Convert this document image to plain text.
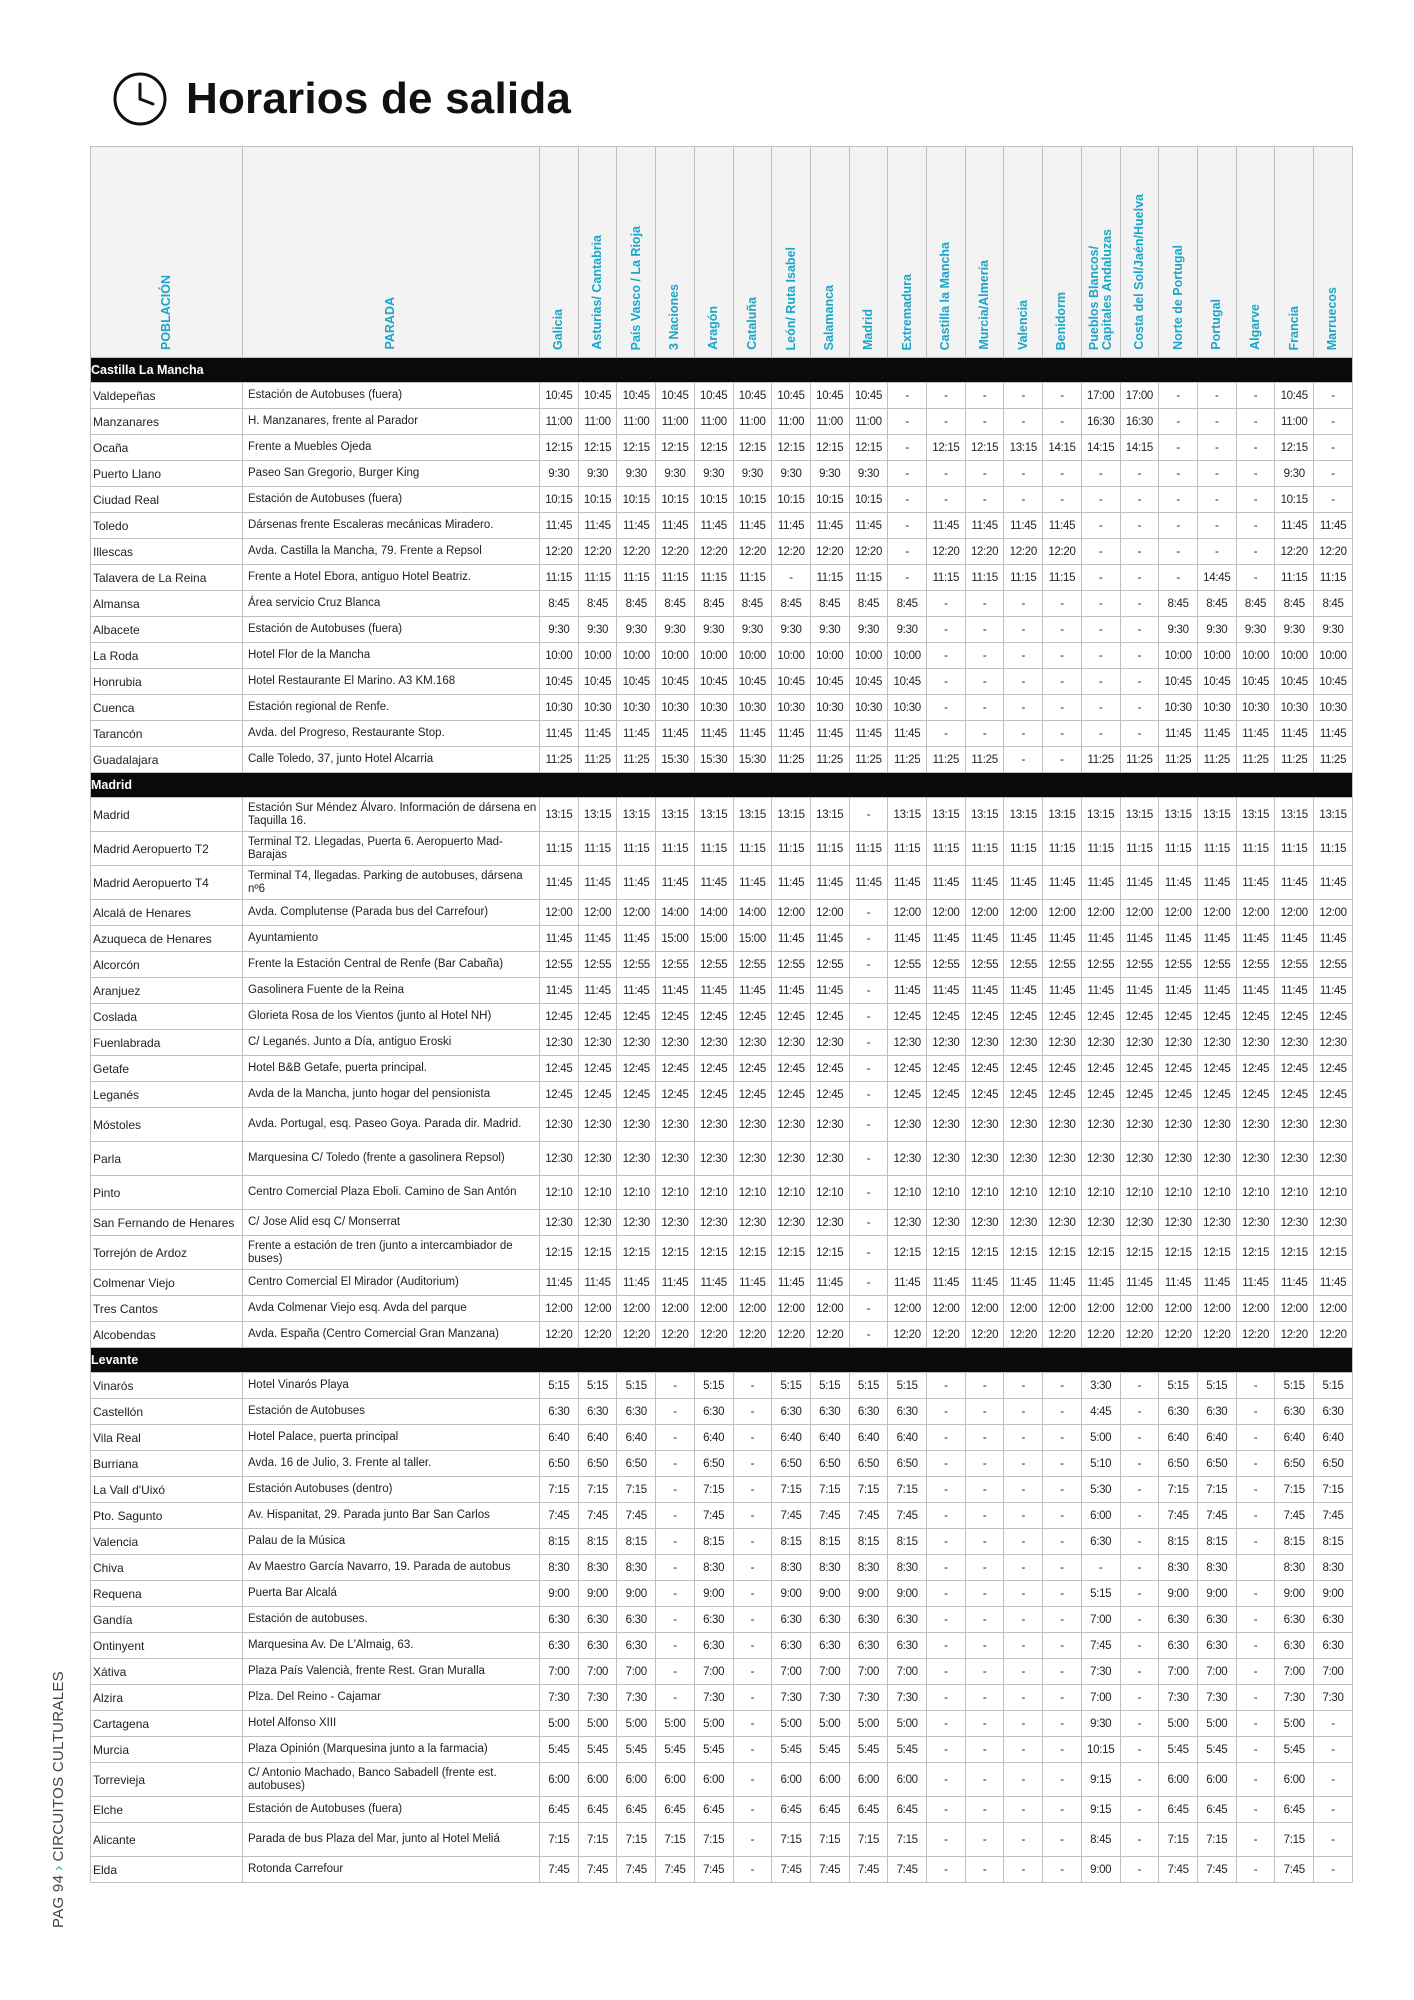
Horarios de salida
PAG 94›CIRCUITOS CULTURALES
POBLACIÓN	PARADA	Galicia	Asturias/ Cantabria	País Vasco / La Rioja	3 Naciones	Aragón	Cataluña	León/ Ruta Isabel	Salamanca	Madrid	Extremadura	Castilla la Mancha	Murcia/Almería	Valencia	Benidorm	Pueblos Blancos/
Capitales Andaluzas	Costa del Sol/Jaén/Huelva	Norte de Portugal	Portugal	Algarve	Francia	Marruecos
Castilla La Mancha																						
Valdepeñas	Estación de Autobuses (fuera)	10:45	10:45	10:45	10:45	10:45	10:45	10:45	10:45	10:45	-	-	-	-	-	17:00	17:00	-	-	-	10:45	-
Manzanares	H. Manzanares, frente al Parador	11:00	11:00	11:00	11:00	11:00	11:00	11:00	11:00	11:00	-	-	-	-	-	16:30	16:30	-	-	-	11:00	-
Ocaña	Frente a Muebles Ojeda	12:15	12:15	12:15	12:15	12:15	12:15	12:15	12:15	12:15	-	12:15	12:15	13:15	14:15	14:15	14:15	-	-	-	12:15	-
Puerto Llano	Paseo San Gregorio, Burger King	9:30	9:30	9:30	9:30	9:30	9:30	9:30	9:30	9:30	-	-	-	-	-	-	-	-	-	-	9:30	-
Ciudad Real	Estación de Autobuses (fuera)	10:15	10:15	10:15	10:15	10:15	10:15	10:15	10:15	10:15	-	-	-	-	-	-	-	-	-	-	10:15	-
Toledo	Dársenas frente Escaleras mecánicas Miradero.	11:45	11:45	11:45	11:45	11:45	11:45	11:45	11:45	11:45	-	11:45	11:45	11:45	11:45	-	-	-	-	-	11:45	11:45
Illescas	Avda. Castilla la Mancha, 79. Frente a Repsol	12:20	12:20	12:20	12:20	12:20	12:20	12:20	12:20	12:20	-	12:20	12:20	12:20	12:20	-	-	-	-	-	12:20	12:20
Talavera de La Reina	Frente a Hotel Ebora, antiguo Hotel Beatriz.	11:15	11:15	11:15	11:15	11:15	11:15	-	11:15	11:15	-	11:15	11:15	11:15	11:15	-	-	-	14:45	-	11:15	11:15
Almansa	Área servicio Cruz Blanca	8:45	8:45	8:45	8:45	8:45	8:45	8:45	8:45	8:45	8:45	-	-	-	-	-	-	8:45	8:45	8:45	8:45	8:45
Albacete	Estación de Autobuses (fuera)	9:30	9:30	9:30	9:30	9:30	9:30	9:30	9:30	9:30	9:30	-	-	-	-	-	-	9:30	9:30	9:30	9:30	9:30
La Roda	Hotel Flor de la Mancha	10:00	10:00	10:00	10:00	10:00	10:00	10:00	10:00	10:00	10:00	-	-	-	-	-	-	10:00	10:00	10:00	10:00	10:00
Honrubia	Hotel Restaurante El Marino. A3 KM.168	10:45	10:45	10:45	10:45	10:45	10:45	10:45	10:45	10:45	10:45	-	-	-	-	-	-	10:45	10:45	10:45	10:45	10:45
Cuenca	Estación regional de Renfe.	10:30	10:30	10:30	10:30	10:30	10:30	10:30	10:30	10:30	10:30	-	-	-	-	-	-	10:30	10:30	10:30	10:30	10:30
Tarancón	Avda. del Progreso, Restaurante Stop.	11:45	11:45	11:45	11:45	11:45	11:45	11:45	11:45	11:45	11:45	-	-	-	-	-	-	11:45	11:45	11:45	11:45	11:45
Guadalajara	Calle Toledo, 37, junto Hotel Alcarria	11:25	11:25	11:25	15:30	15:30	15:30	11:25	11:25	11:25	11:25	11:25	11:25	-	-	11:25	11:25	11:25	11:25	11:25	11:25	11:25
Madrid																						
Madrid	Estación Sur Méndez Álvaro. Información de dársena en Taquilla 16.	13:15	13:15	13:15	13:15	13:15	13:15	13:15	13:15	-	13:15	13:15	13:15	13:15	13:15	13:15	13:15	13:15	13:15	13:15	13:15	13:15
Madrid Aeropuerto T2	Terminal T2. Llegadas, Puerta 6. Aeropuerto Mad-Barajas	11:15	11:15	11:15	11:15	11:15	11:15	11:15	11:15	11:15	11:15	11:15	11:15	11:15	11:15	11:15	11:15	11:15	11:15	11:15	11:15	11:15
Madrid Aeropuerto T4	Terminal T4, llegadas. Parking de autobuses, dársena nº6	11:45	11:45	11:45	11:45	11:45	11:45	11:45	11:45	11:45	11:45	11:45	11:45	11:45	11:45	11:45	11:45	11:45	11:45	11:45	11:45	11:45
Alcalá de Henares	Avda. Complutense (Parada bus del Carrefour)	12:00	12:00	12:00	14:00	14:00	14:00	12:00	12:00	-	12:00	12:00	12:00	12:00	12:00	12:00	12:00	12:00	12:00	12:00	12:00	12:00
Azuqueca de Henares	Ayuntamiento	11:45	11:45	11:45	15:00	15:00	15:00	11:45	11:45	-	11:45	11:45	11:45	11:45	11:45	11:45	11:45	11:45	11:45	11:45	11:45	11:45
Alcorcón	Frente la Estación Central de Renfe (Bar Cabaña)	12:55	12:55	12:55	12:55	12:55	12:55	12:55	12:55	-	12:55	12:55	12:55	12:55	12:55	12:55	12:55	12:55	12:55	12:55	12:55	12:55
Aranjuez	Gasolinera Fuente de la Reina	11:45	11:45	11:45	11:45	11:45	11:45	11:45	11:45	-	11:45	11:45	11:45	11:45	11:45	11:45	11:45	11:45	11:45	11:45	11:45	11:45
Coslada	Glorieta Rosa de los Vientos (junto al Hotel NH)	12:45	12:45	12:45	12:45	12:45	12:45	12:45	12:45	-	12:45	12:45	12:45	12:45	12:45	12:45	12:45	12:45	12:45	12:45	12:45	12:45
Fuenlabrada	C/ Leganés. Junto a Día, antiguo Eroski	12:30	12:30	12:30	12:30	12:30	12:30	12:30	12:30	-	12:30	12:30	12:30	12:30	12:30	12:30	12:30	12:30	12:30	12:30	12:30	12:30
Getafe	Hotel B&B Getafe, puerta principal.	12:45	12:45	12:45	12:45	12:45	12:45	12:45	12:45	-	12:45	12:45	12:45	12:45	12:45	12:45	12:45	12:45	12:45	12:45	12:45	12:45
Leganés	Avda de la Mancha, junto hogar del pensionista	12:45	12:45	12:45	12:45	12:45	12:45	12:45	12:45	-	12:45	12:45	12:45	12:45	12:45	12:45	12:45	12:45	12:45	12:45	12:45	12:45
Móstoles	Avda. Portugal, esq. Paseo Goya. Parada dir. Madrid.	12:30	12:30	12:30	12:30	12:30	12:30	12:30	12:30	-	12:30	12:30	12:30	12:30	12:30	12:30	12:30	12:30	12:30	12:30	12:30	12:30
Parla	Marquesina C/ Toledo (frente a gasolinera Repsol)	12:30	12:30	12:30	12:30	12:30	12:30	12:30	12:30	-	12:30	12:30	12:30	12:30	12:30	12:30	12:30	12:30	12:30	12:30	12:30	12:30
Pinto	Centro Comercial Plaza Eboli. Camino de San Antón	12:10	12:10	12:10	12:10	12:10	12:10	12:10	12:10	-	12:10	12:10	12:10	12:10	12:10	12:10	12:10	12:10	12:10	12:10	12:10	12:10
San Fernando de Henares	C/ Jose Alid esq C/ Monserrat	12:30	12:30	12:30	12:30	12:30	12:30	12:30	12:30	-	12:30	12:30	12:30	12:30	12:30	12:30	12:30	12:30	12:30	12:30	12:30	12:30
Torrejón de Ardoz	Frente a estación de tren (junto a intercambiador de buses)	12:15	12:15	12:15	12:15	12:15	12:15	12:15	12:15	-	12:15	12:15	12:15	12:15	12:15	12:15	12:15	12:15	12:15	12:15	12:15	12:15
Colmenar Viejo	Centro Comercial El Mirador (Auditorium)	11:45	11:45	11:45	11:45	11:45	11:45	11:45	11:45	-	11:45	11:45	11:45	11:45	11:45	11:45	11:45	11:45	11:45	11:45	11:45	11:45
Tres Cantos	Avda Colmenar Viejo esq. Avda del parque	12:00	12:00	12:00	12:00	12:00	12:00	12:00	12:00	-	12:00	12:00	12:00	12:00	12:00	12:00	12:00	12:00	12:00	12:00	12:00	12:00
Alcobendas	Avda. España (Centro Comercial Gran Manzana)	12:20	12:20	12:20	12:20	12:20	12:20	12:20	12:20	-	12:20	12:20	12:20	12:20	12:20	12:20	12:20	12:20	12:20	12:20	12:20	12:20
Levante																						
Vinarós	Hotel Vinarós Playa	5:15	5:15	5:15	-	5:15	-	5:15	5:15	5:15	5:15	-	-	-	-	3:30	-	5:15	5:15	-	5:15	5:15
Castellón	Estación de Autobuses	6:30	6:30	6:30	-	6:30	-	6:30	6:30	6:30	6:30	-	-	-	-	4:45	-	6:30	6:30	-	6:30	6:30
Vila Real	Hotel Palace, puerta principal	6:40	6:40	6:40	-	6:40	-	6:40	6:40	6:40	6:40	-	-	-	-	5:00	-	6:40	6:40	-	6:40	6:40
Burriana	Avda. 16 de Julio, 3. Frente al taller.	6:50	6:50	6:50	-	6:50	-	6:50	6:50	6:50	6:50	-	-	-	-	5:10	-	6:50	6:50	-	6:50	6:50
La Vall d'Uixó	Estación Autobuses (dentro)	7:15	7:15	7:15	-	7:15	-	7:15	7:15	7:15	7:15	-	-	-	-	5:30	-	7:15	7:15	-	7:15	7:15
Pto. Sagunto	Av. Hispanitat, 29. Parada junto Bar San Carlos	7:45	7:45	7:45	-	7:45	-	7:45	7:45	7:45	7:45	-	-	-	-	6:00	-	7:45	7:45	-	7:45	7:45
Valencia	Palau de la Música	8:15	8:15	8:15	-	8:15	-	8:15	8:15	8:15	8:15	-	-	-	-	6:30	-	8:15	8:15	-	8:15	8:15
Chiva	Av Maestro García Navarro, 19. Parada de autobus	8:30	8:30	8:30	-	8:30	-	8:30	8:30	8:30	8:30	-	-	-	-	-	-	8:30	8:30		8:30	8:30
Requena	Puerta Bar Alcalá	9:00	9:00	9:00	-	9:00	-	9:00	9:00	9:00	9:00	-	-	-	-	5:15	-	9:00	9:00	-	9:00	9:00
Gandía	Estación de autobuses.	6:30	6:30	6:30	-	6:30	-	6:30	6:30	6:30	6:30	-	-	-	-	7:00	-	6:30	6:30	-	6:30	6:30
Ontinyent	Marquesina Av. De L'Almaig, 63.	6:30	6:30	6:30	-	6:30	-	6:30	6:30	6:30	6:30	-	-	-	-	7:45	-	6:30	6:30	-	6:30	6:30
Xátiva	Plaza País Valencià, frente Rest. Gran Muralla	7:00	7:00	7:00	-	7:00	-	7:00	7:00	7:00	7:00	-	-	-	-	7:30	-	7:00	7:00	-	7:00	7:00
Alzira	Plza. Del Reino - Cajamar	7:30	7:30	7:30	-	7:30	-	7:30	7:30	7:30	7:30	-	-	-	-	7:00	-	7:30	7:30	-	7:30	7:30
Cartagena	Hotel Alfonso XIII	5:00	5:00	5:00	5:00	5:00	-	5:00	5:00	5:00	5:00	-	-	-	-	9:30	-	5:00	5:00	-	5:00	-
Murcia	Plaza Opinión (Marquesina junto a la farmacia)	5:45	5:45	5:45	5:45	5:45	-	5:45	5:45	5:45	5:45	-	-	-	-	10:15	-	5:45	5:45	-	5:45	-
Torrevieja	C/ Antonio Machado, Banco Sabadell (frente est. autobuses)	6:00	6:00	6:00	6:00	6:00	-	6:00	6:00	6:00	6:00	-	-	-	-	9:15	-	6:00	6:00	-	6:00	-
Elche	Estación de Autobuses (fuera)	6:45	6:45	6:45	6:45	6:45	-	6:45	6:45	6:45	6:45	-	-	-	-	9:15	-	6:45	6:45	-	6:45	-
Alicante	Parada de bus Plaza del Mar, junto al Hotel Meliá	7:15	7:15	7:15	7:15	7:15	-	7:15	7:15	7:15	7:15	-	-	-	-	8:45	-	7:15	7:15	-	7:15	-
Elda	Rotonda Carrefour	7:45	7:45	7:45	7:45	7:45	-	7:45	7:45	7:45	7:45	-	-	-	-	9:00	-	7:45	7:45	-	7:45	-
